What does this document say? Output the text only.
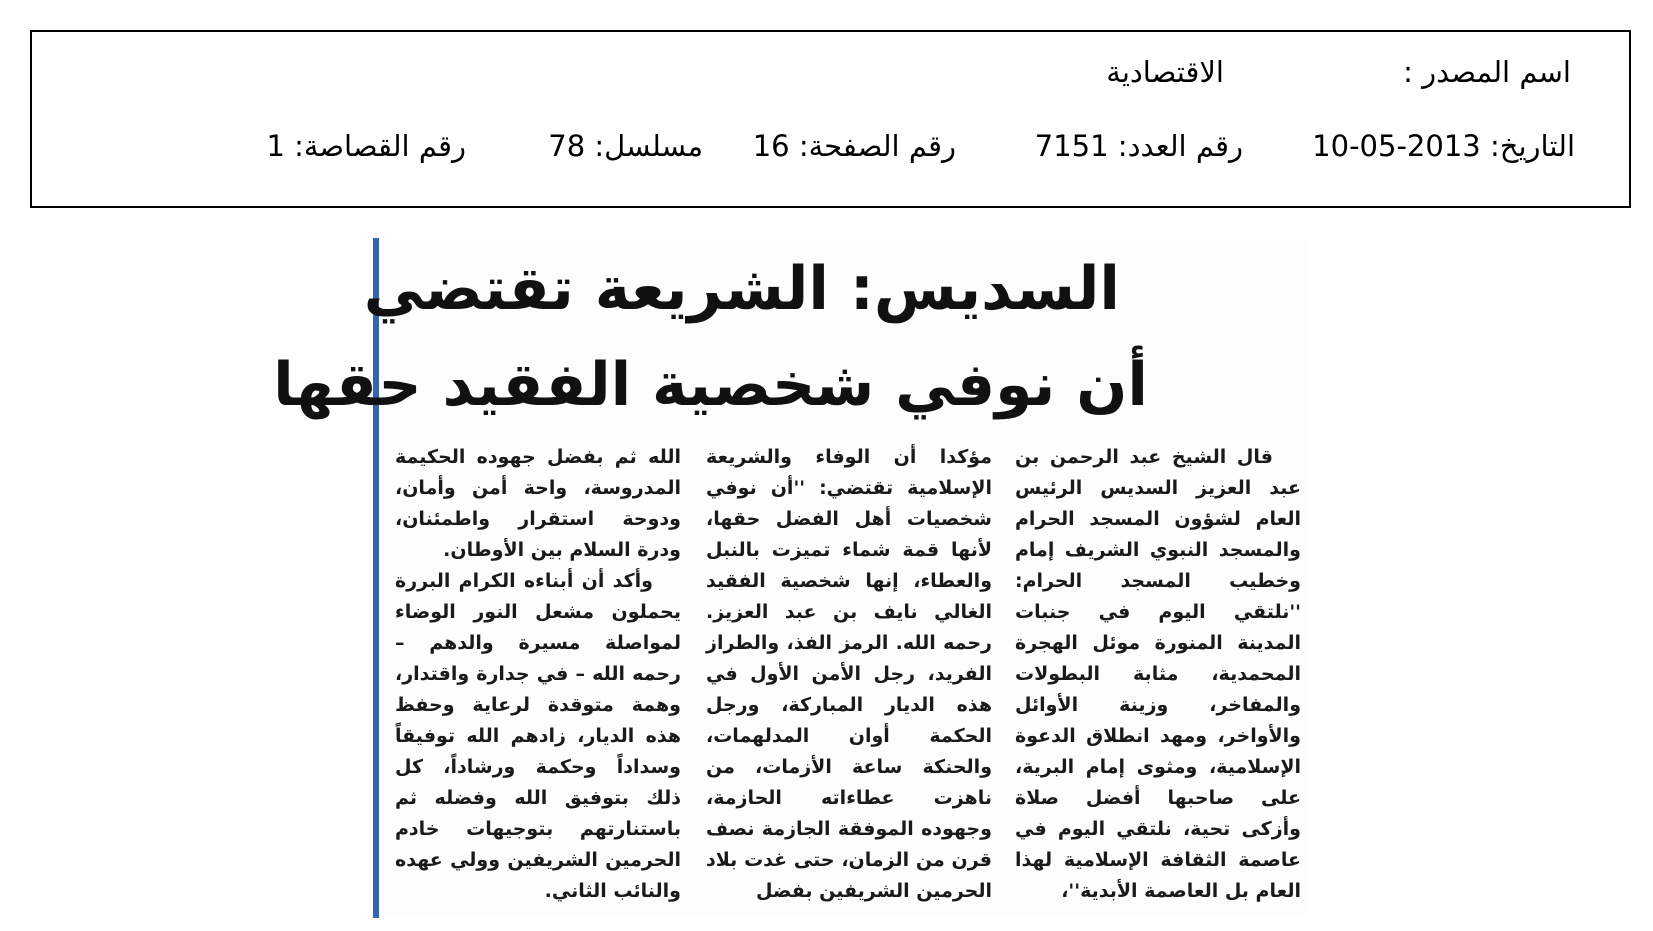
اسم المصدر :
الاقتصادية
التاريخ: 2013-05-10
رقم العدد: 7151
رقم الصفحة: 16
مسلسل: 78
رقم القصاصة: 1
السديس: الشريعة تقتضي
أن نوفي شخصية الفقيد حقها

قال الشيخ عبد الرحمن بن عبد العزيز السديس الرئيس العام لشؤون المسجد الحرام والمسجد النبوي الشريف إمام وخطيب المسجد الحرام: ''نلتقي اليوم في جنبات المدينة المنورة موئل الهجرة المحمدية، مثابة البطولات والمفاخر، وزينة الأوائل والأواخر، ومهد انطلاق الدعوة الإسلامية، ومثوى إمام البرية، على صاحبها أفضل صلاة وأزكى تحية، نلتقي اليوم في عاصمة الثقافة الإسلامية لهذا العام بل العاصمة الأبدية''،

مؤكدا أن الوفاء والشريعة الإسلامية تقتضي: ''أن نوفي شخصيات أهل الفضل حقها، لأنها قمة شماء تميزت بالنبل والعطاء، إنها شخصية الفقيد الغالي نايف بن عبد العزيز. رحمه الله. الرمز الفذ، والطراز الفريد، رجل الأمن الأول في هذه الديار المباركة، ورجل الحكمة أوان المدلهمات، والحنكة ساعة الأزمات، من ناهزت عطاءاته الحازمة، وجهوده الموفقة الجازمة نصف قرن من الزمان، حتى غدت بلاد الحرمين الشريفين بفضل

الله ثم بفضل جهوده الحكيمة المدروسة، واحة أمن وأمان، ودوحة استقرار واطمئنان، ودرة السلام بين الأوطان.

وأكد أن أبناءه الكرام البررة يحملون مشعل النور الوضاء لمواصلة مسيرة والدهم – رحمه الله – في جدارة واقتدار، وهمة متوقدة لرعاية وحفظ هذه الديار، زادهم الله توفيقاً وسداداً وحكمة ورشاداً، كل ذلك بتوفيق الله وفضله ثم باستنارتهم بتوجيهات خادم الحرمين الشريفين وولي عهده والنائب الثاني.
